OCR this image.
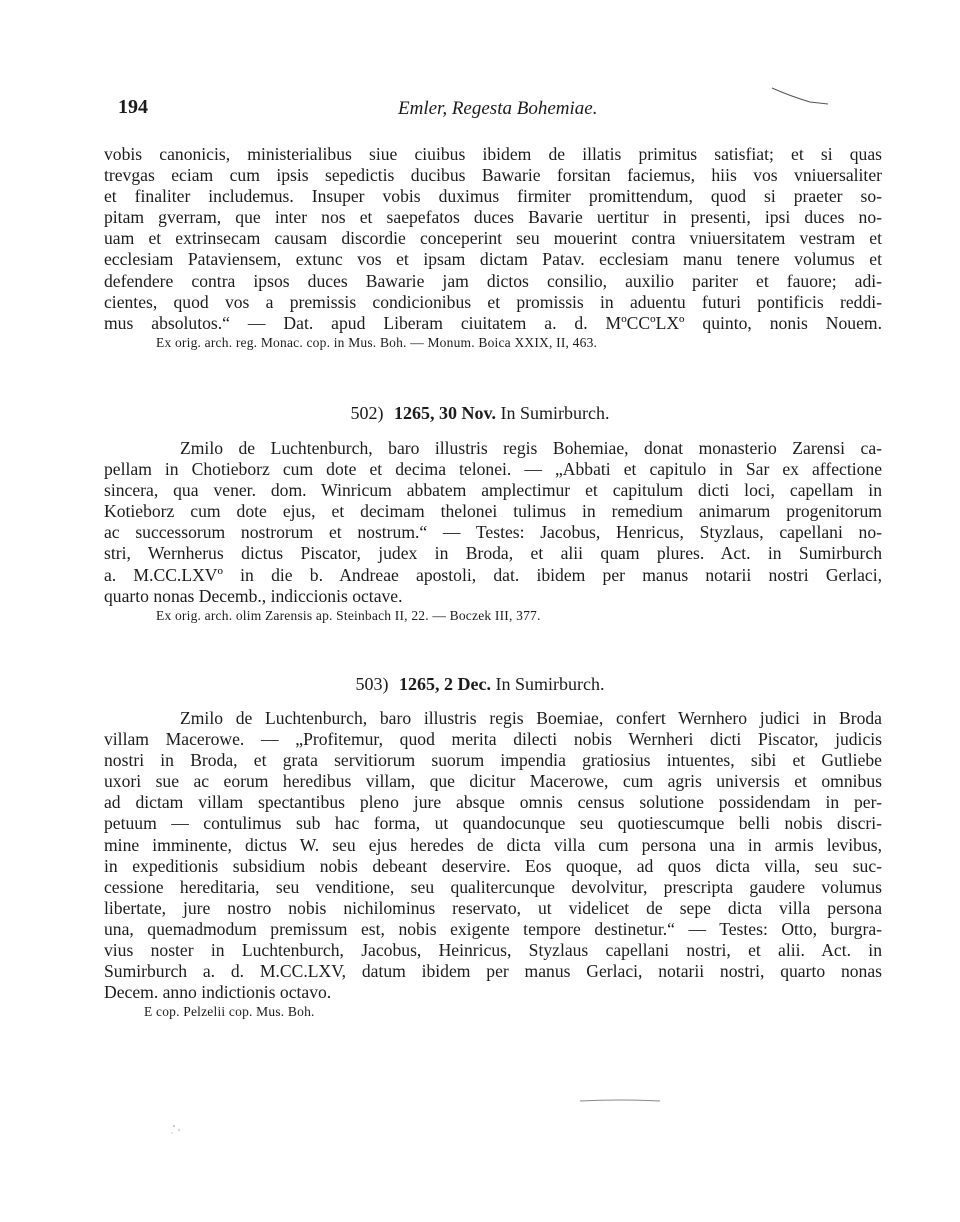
194	Emler, Regesta Bohemiae.
vobis canonicis, ministerialibus siue ciuibus ibidem de illatis primitus satisfiat; et si quas
trevgas eciam cum ipsis sepedictis ducibus Bawarie forsitan faciemus, hiis vos vniuersaliter
et finaliter includemus. Insuper vobis duximus firmiter promittendum, quod si praeter so-
pitam gverram, que inter nos et saepefatos duces Bavarie uertitur in presenti, ipsi duces no-
uam et extrinsecam causam discordie conceperint seu mouerint contra vniuersitatem vestram et
ecclesiam Pataviensem, extunc vos et ipsam dictam Patav. ecclesiam manu tenere volumus et
defendere contra ipsos duces Bawarie jam dictos consilio, auxilio pariter et fauore; adi-
cientes, quod vos a premissis condicionibus et promissis in aduentu futuri pontificis reddi-
mus absolutos.“ — Dat. apud Liberam ciuitatem a. d. MºCCºLXº quinto, nonis Nouem.
Ex orig. arch. reg. Monac. cop. in Mus. Boh. — Monum. Boica XXIX, II, 463.
502) 1265, 30 Nov. In Sumirburch.
Zmilo de Luchtenburch, baro illustris regis Bohemiae, donat monasterio Zarensi ca-
pellam in Chotieborz cum dote et decima telonei. — „Abbati et capitulo in Sar ex affectione
sincera, qua vener. dom. Winricum abbatem amplectimur et capitulum dicti loci, capellam in
Kotieborz cum dote ejus, et decimam thelonei tulimus in remedium animarum progenitorum
ac successorum nostrorum et nostrum.“ — Testes: Jacobus, Henricus, Styzlaus, capellani no-
stri, Wernherus dictus Piscator, judex in Broda, et alii quam plures. Act. in Sumirburch
a. M.CC.LXVº in die b. Andreae apostoli, dat. ibidem per manus notarii nostri Gerlaci,
quarto nonas Decemb., indiccionis octave.
Ex orig. arch. olim Zarensis ap. Steinbach II, 22. — Boczek III, 377.
503) 1265, 2 Dec. In Sumirburch.
Zmilo de Luchtenburch, baro illustris regis Boemiae, confert Wernhero judici in Broda
villam Macerowe. — „Profitemur, quod merita dilecti nobis Wernheri dicti Piscator, judicis
nostri in Broda, et grata servitiorum suorum impendia gratiosius intuentes, sibi et Gutliebe
uxori sue ac eorum heredibus villam, que dicitur Macerowe, cum agris universis et omnibus
ad dictam villam spectantibus pleno jure absque omnis census solutione possidendam in per-
petuum — contulimus sub hac forma, ut quandocunque seu quotiescumque belli nobis discri-
mine imminente, dictus W. seu ejus heredes de dicta villa cum persona una in armis levibus,
in expeditionis subsidium nobis debeant deservire. Eos quoque, ad quos dicta villa, seu suc-
cessione hereditaria, seu venditione, seu qualitercunque devolvitur, prescripta gaudere volumus
libertate, jure nostro nobis nichilominus reservato, ut videlicet de sepe dicta villa persona
una, quemadmodum premissum est, nobis exigente tempore destinetur.“ — Testes: Otto, burgra-
vius noster in Luchtenburch, Jacobus, Heinricus, Styzlaus capellani nostri, et alii. Act. in
Sumirburch a. d. M.CC.LXV, datum ibidem per manus Gerlaci, notarii nostri, quarto nonas
Decem. anno indictionis octavo.
E cop. Pelzelii cop. Mus. Boh.
